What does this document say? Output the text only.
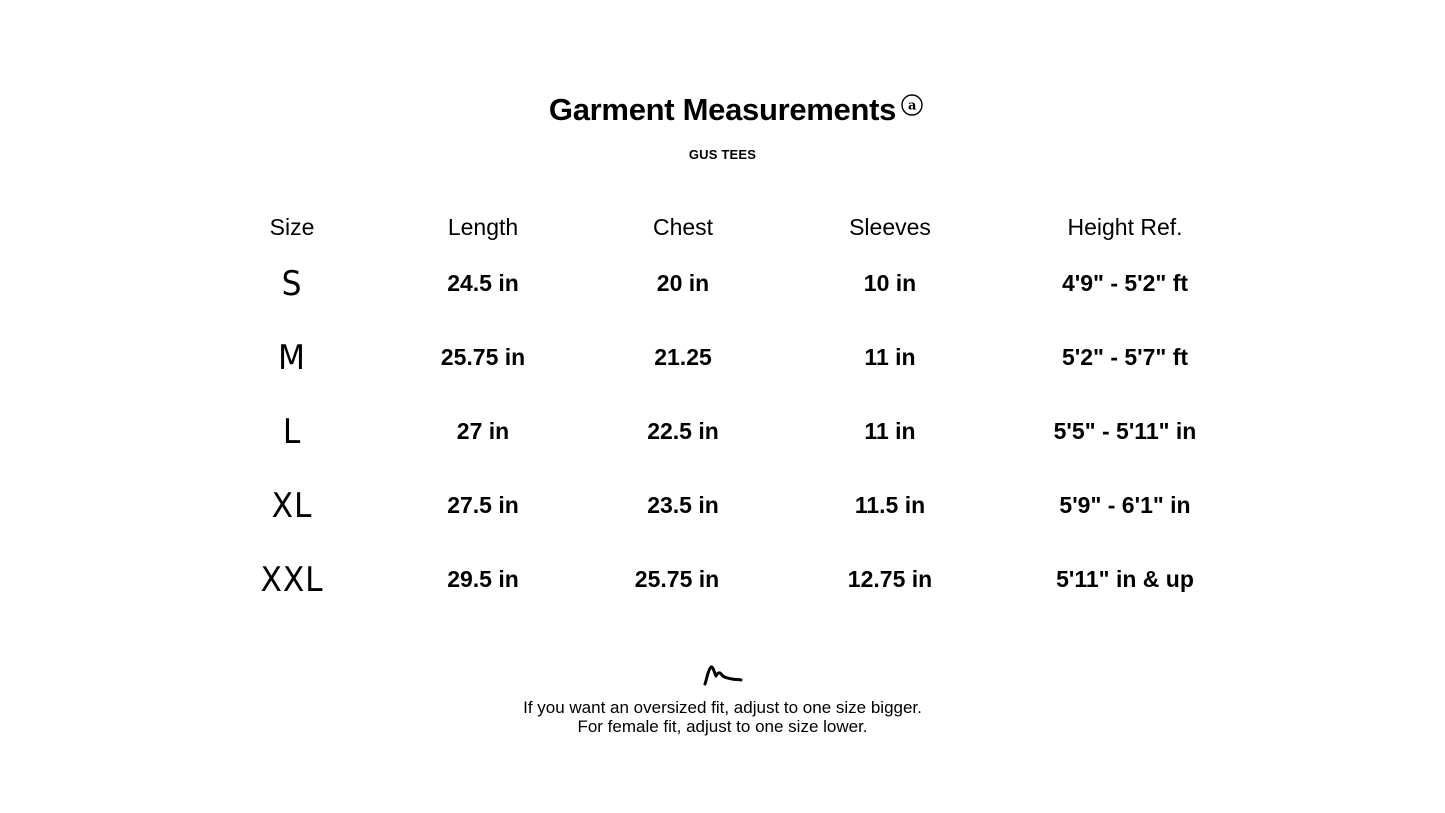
Garment Measurements a
GUS TEES
Size	Length	Chest	Sleeves	Height Ref.
S	24.5 in	20 in	10 in	4'9" - 5'2" ft
M	25.75 in	21.25	11 in	5'2" - 5'7" ft
L	27 in	22.5 in	11 in	5'5" - 5'11" in
XL	27.5 in	23.5 in	11.5 in	5'9" - 6'1" in
XXL	29.5 in	25.75 in	12.75 in	5'11" in & up
If you want an oversized fit, adjust to one size bigger.
For female fit, adjust to one size lower.
